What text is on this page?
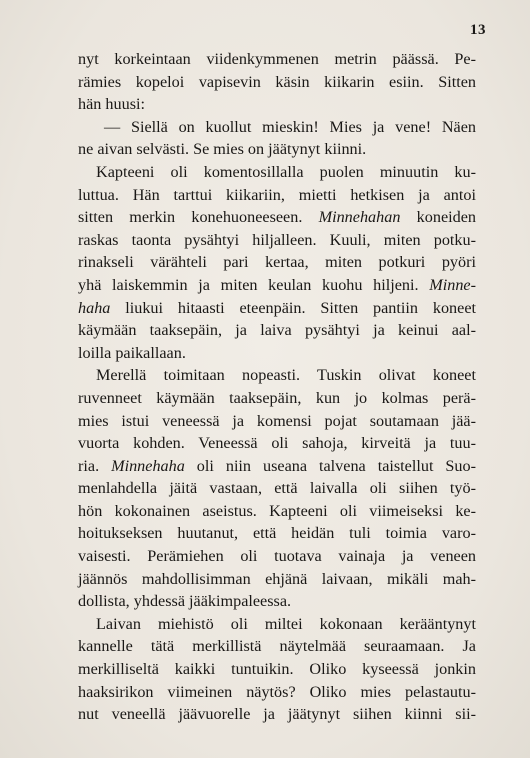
13
nyt korkeintaan viidenkymmenen metrin päässä. Pe-
rämies kopeloi vapisevin käsin kiikarin esiin. Sitten
hän huusi:
— Siellä on kuollut mieskin! Mies ja vene! Näen
ne aivan selvästi. Se mies on jäätynyt kiinni.
Kapteeni oli komentosillalla puolen minuutin ku-
luttua. Hän tarttui kiikariin, mietti hetkisen ja antoi
sitten merkin konehuoneeseen. Minnehahan koneiden
raskas taonta pysähtyi hiljalleen. Kuuli, miten potku-
rinakseli värähteli pari kertaa, miten potkuri pyöri
yhä laiskemmin ja miten keulan kuohu hiljeni. Minne-
haha liukui hitaasti eteenpäin. Sitten pantiin koneet
käymään taaksepäin, ja laiva pysähtyi ja keinui aal-
loilla paikallaan.
Merellä toimitaan nopeasti. Tuskin olivat koneet
ruvenneet käymään taaksepäin, kun jo kolmas perä-
mies istui veneessä ja komensi pojat soutamaan jää-
vuorta kohden. Veneessä oli sahoja, kirveitä ja tuu-
ria. Minnehaha oli niin useana talvena taistellut Suo-
menlahdella jäitä vastaan, että laivalla oli siihen työ-
hön kokonainen aseistus. Kapteeni oli viimeiseksi ke-
hoitukseksen huutanut, että heidän tuli toimia varo-
vaisesti. Perämiehen oli tuotava vainaja ja veneen
jäännös mahdollisimman ehjänä laivaan, mikäli mah-
dollista, yhdessä jääkimpaleessa.
Laivan miehistö oli miltei kokonaan kerääntynyt
kannelle tätä merkillistä näytelmää seuraamaan. Ja
merkilliseltä kaikki tuntuikin. Oliko kyseessä jonkin
haaksirikon viimeinen näytös? Oliko mies pelastautu-
nut veneellä jäävuorelle ja jäätynyt siihen kiinni sii-
